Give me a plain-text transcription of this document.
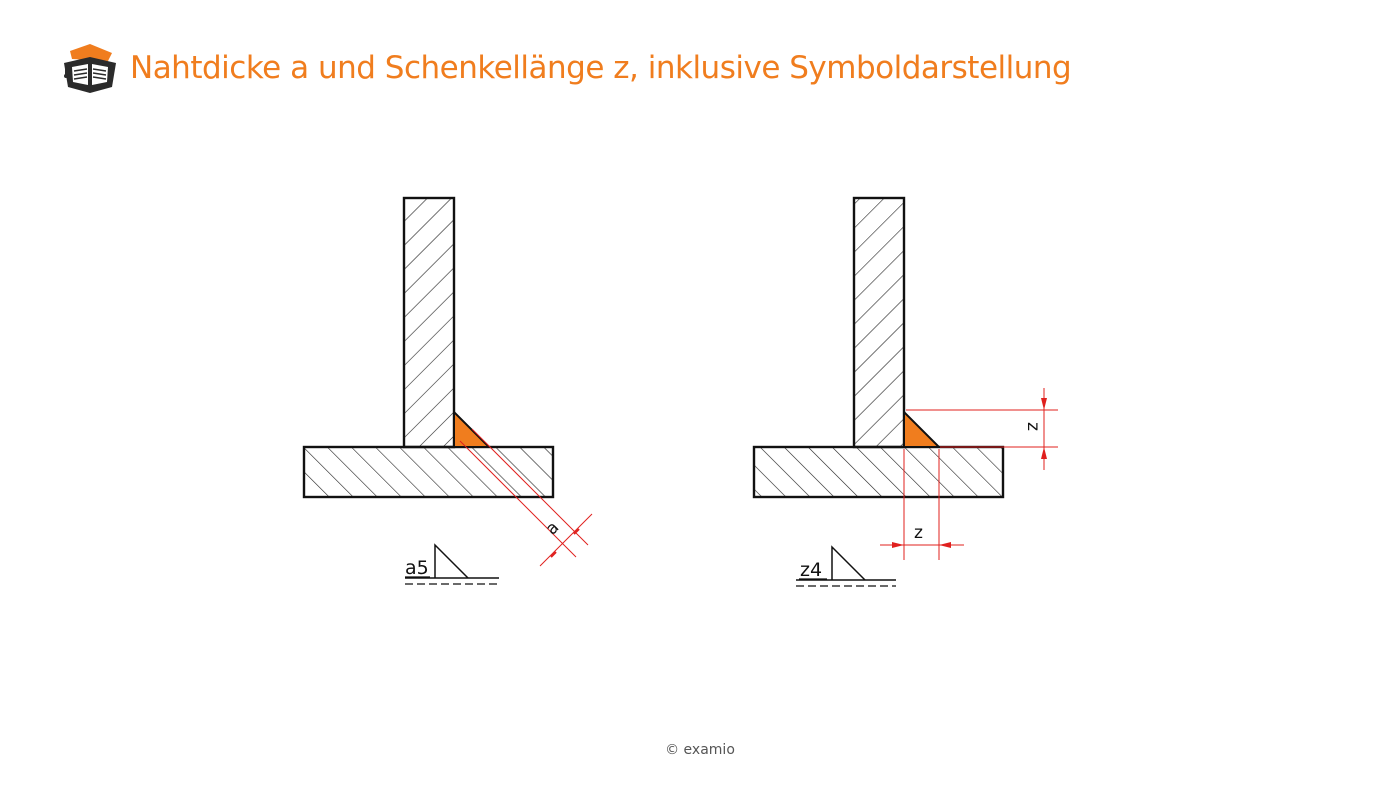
Nahtdicke a und Schenkellänge z, inklusive Symboldarstellung
a
a5
z
z
z4
© examio
